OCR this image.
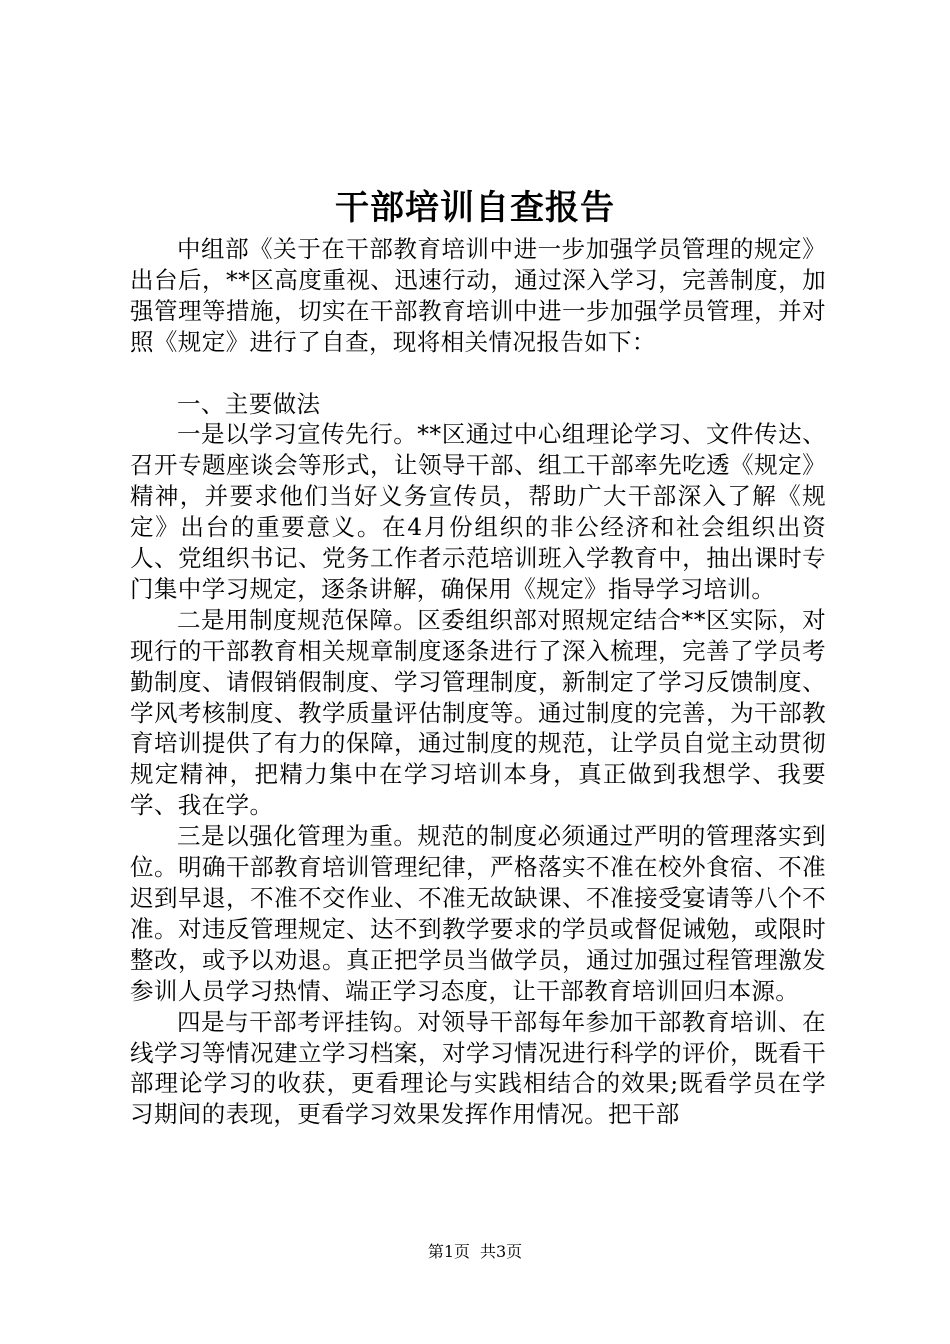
干部培训自查报告

中组部《关于在干部教育培训中进一步加强学员管理的规定》出台后，**区高度重视、迅速行动，通过深入学习，完善制度，加强管理等措施，切实在干部教育培训中进一步加强学员管理，并对照《规定》进行了自查，现将相关情况报告如下：

一、主要做法

一是以学习宣传先行。**区通过中心组理论学习、文件传达、召开专题座谈会等形式，让领导干部、组工干部率先吃透《规定》精神，并要求他们当好义务宣传员，帮助广大干部深入了解《规定》出台的重要意义。在4月份组织的非公经济和社会组织出资人、党组织书记、党务工作者示范培训班入学教育中，抽出课时专门集中学习规定，逐条讲解，确保用《规定》指导学习培训。

二是用制度规范保障。区委组织部对照规定结合**区实际，对现行的干部教育相关规章制度逐条进行了深入梳理，完善了学员考勤制度、请假销假制度、学习管理制度，新制定了学习反馈制度、学风考核制度、教学质量评估制度等。通过制度的完善，为干部教育培训提供了有力的保障，通过制度的规范，让学员自觉主动贯彻规定精神，把精力集中在学习培训本身，真正做到我想学、我要学、我在学。

三是以强化管理为重。规范的制度必须通过严明的管理落实到位。明确干部教育培训管理纪律，严格落实不准在校外食宿、不准迟到早退，不准不交作业、不准无故缺课、不准接受宴请等八个不准。对违反管理规定、达不到教学要求的学员或督促诫勉，或限时整改，或予以劝退。真正把学员当做学员，通过加强过程管理激发参训人员学习热情、端正学习态度，让干部教育培训回归本源。

四是与干部考评挂钩。对领导干部每年参加干部教育培训、在线学习等情况建立学习档案，对学习情况进行科学的评价，既看干部理论学习的收获，更看理论与实践相结合的效果;既看学员在学习期间的表现，更看学习效果发挥作用情况。把干部

第1页 共3页
